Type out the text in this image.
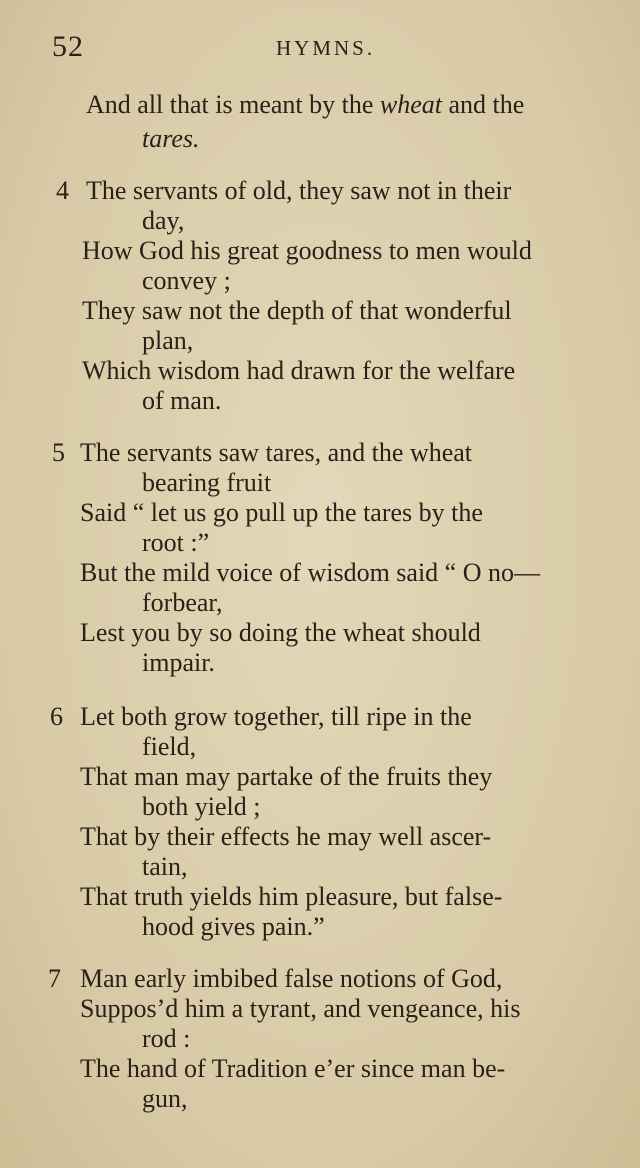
52	HYMNS.
And all that is meant by the wheat and the
tares.
4 The servants of old, they saw not in their
day,
How God his great goodness to men would
convey ;
They saw not the depth of that wonderful
plan,
Which wisdom had drawn for the welfare
of man.
5 The servants saw tares, and the wheat
bearing fruit
Said “ let us go pull up the tares by the
root :”
But the mild voice of wisdom said “ O no—
forbear,
Lest you by so doing the wheat should
impair.
6 Let both grow together, till ripe in the
field,
That man may partake of the fruits they
both yield ;
That by their effects he may well ascer-
tain,
That truth yields him pleasure, but false-
hood gives pain.”
7 Man early imbibed false notions of God,
Suppos’d him a tyrant, and vengeance, his
rod :
The hand of Tradition e’er since man be-
gun,
